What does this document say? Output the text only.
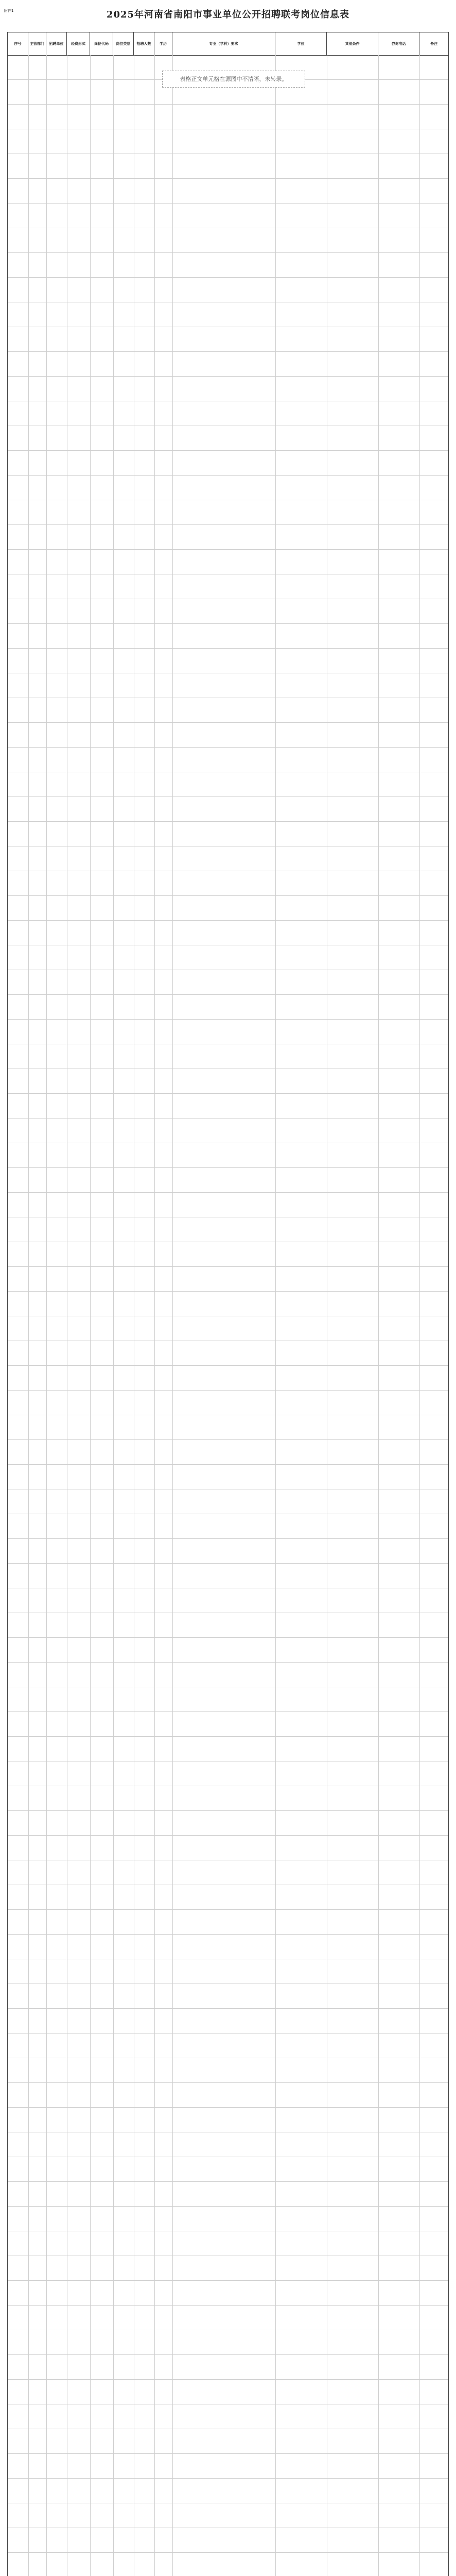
附件1	2025年河南省南阳市事业单位公开招聘联考岗位信息表
序号	主管部门	招聘单位	经费形式	岗位代码	岗位类别	招聘人数	学历	专业（学科）要求	学位	其他条件	咨询电话	备注
表格正文单元格在源图中不清晰，未转录。
